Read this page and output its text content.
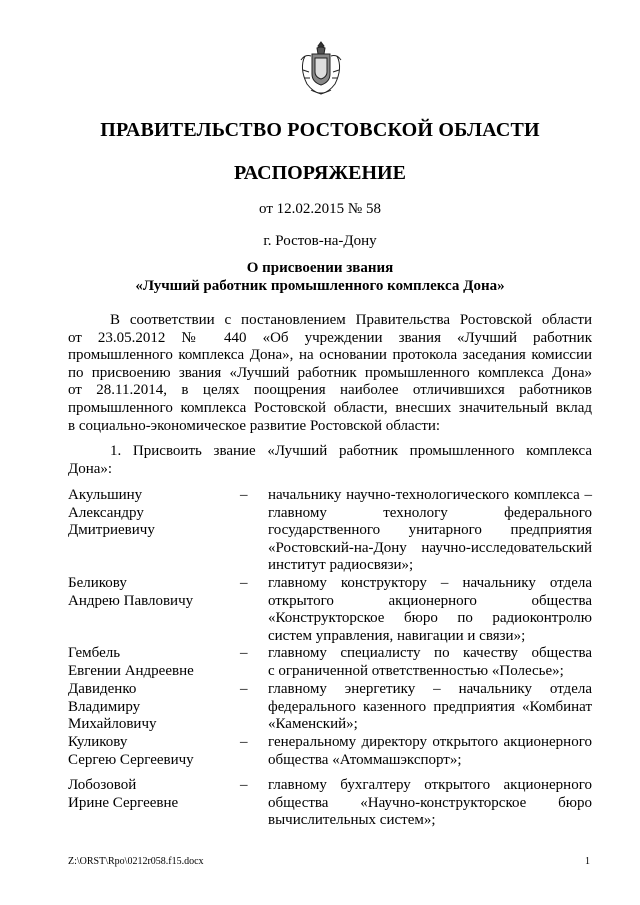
ПРАВИТЕЛЬСТВО РОСТОВСКОЙ ОБЛАСТИ
РАСПОРЯЖЕНИЕ
от 12.02.2015 № 58
г. Ростов-на-Дону
О присвоении звания
«Лучший работник промышленного комплекса Дона»
В соответствии с постановлением Правительства Ростовской области
от 23.05.2012 № 440 «Об учреждении звания «Лучший работник
промышленного комплекса Дона», на основании протокола заседания комиссии
по присвоению звания «Лучший работник промышленного комплекса Дона»
от 28.11.2014, в целях поощрения наиболее отличившихся работников
промышленного комплекса Ростовской области, внесших значительный вклад
в социально-экономическое развитие Ростовской области:
1. Присвоить звание «Лучший работник промышленного комплекса
Дона»:
Акульшину
Александру
Дмитриевичу
–	начальнику научно-технологического комплекса –
главному технологу федерального
государственного унитарного предприятия
«Ростовский-на-Дону научно-исследовательский
институт радиосвязи»;
Беликову
Андрею Павловичу
–	главному конструктору – начальнику отдела
открытого акционерного общества
«Конструкторское бюро по радиоконтролю
систем управления, навигации и связи»;
Гембель
Евгении Андреевне
–	главному специалисту по качеству общества
с ограниченной ответственностью «Полесье»;
Давиденко
Владимиру
Михайловичу
–	главному энергетику – начальнику отдела
федерального казенного предприятия «Комбинат
«Каменский»;
Куликову
Сергею Сергеевичу
–	генеральному директору открытого акционерного
общества «Атоммашэкспорт»;
Лобозовой
Ирине Сергеевне
–	главному бухгалтеру открытого акционерного
общества «Научно-конструкторское бюро
вычислительных систем»;
Z:\ORST\Rpo\0212r058.f15.docx	1
